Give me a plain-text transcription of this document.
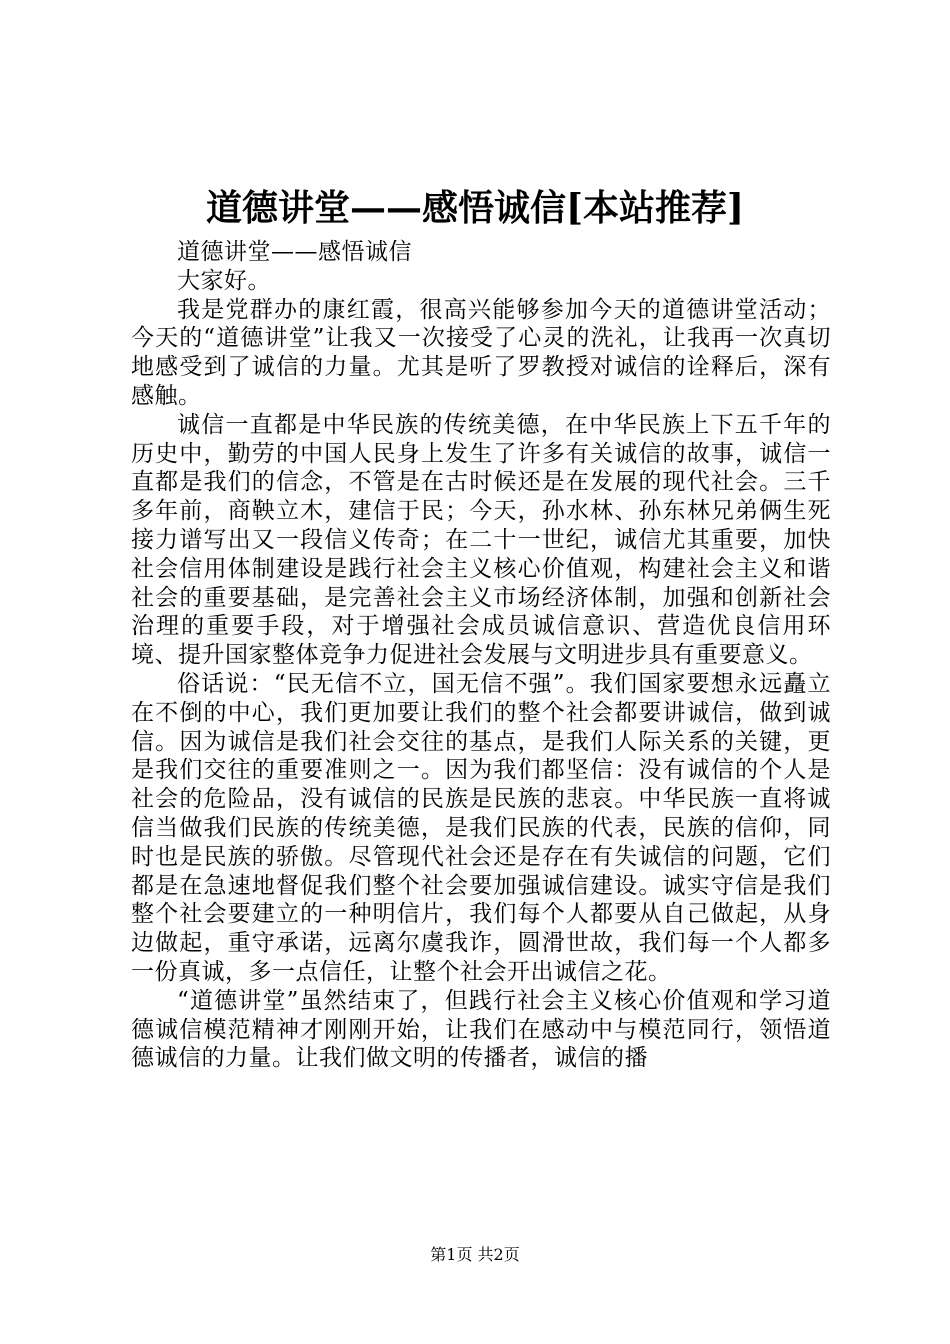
道德讲堂——感悟诚信[本站推荐]

道德讲堂——感悟诚信

大家好。

我是党群办的康红霞，很高兴能够参加今天的道德讲堂活动；今天的“道德讲堂”让我又一次接受了心灵的洗礼，让我再一次真切地感受到了诚信的力量。尤其是听了罗教授对诚信的诠释后，深有感触。

诚信一直都是中华民族的传统美德，在中华民族上下五千年的历史中，勤劳的中国人民身上发生了许多有关诚信的故事，诚信一直都是我们的信念，不管是在古时候还是在发展的现代社会。三千多年前，商鞅立木，建信于民；今天，孙水林、孙东林兄弟俩生死接力谱写出又一段信义传奇；在二十一世纪，诚信尤其重要，加快社会信用体制建设是践行社会主义核心价值观，构建社会主义和谐社会的重要基础，是完善社会主义市场经济体制，加强和创新社会治理的重要手段，对于增强社会成员诚信意识、营造优良信用环境、提升国家整体竞争力促进社会发展与文明进步具有重要意义。

俗话说：“民无信不立，国无信不强”。我们国家要想永远矗立在不倒的中心，我们更加要让我们的整个社会都要讲诚信，做到诚信。因为诚信是我们社会交往的基点，是我们人际关系的关键，更是我们交往的重要准则之一。因为我们都坚信：没有诚信的个人是社会的危险品，没有诚信的民族是民族的悲哀。中华民族一直将诚信当做我们民族的传统美德，是我们民族的代表，民族的信仰，同时也是民族的骄傲。尽管现代社会还是存在有失诚信的问题，它们都是在急速地督促我们整个社会要加强诚信建设。诚实守信是我们整个社会要建立的一种明信片，我们每个人都要从自己做起，从身边做起，重守承诺，远离尔虞我诈，圆滑世故，我们每一个人都多一份真诚，多一点信任，让整个社会开出诚信之花。

“道德讲堂”虽然结束了，但践行社会主义核心价值观和学习道德诚信模范精神才刚刚开始，让我们在感动中与模范同行，领悟道德诚信的力量。让我们做文明的传播者，诚信的播

第1页 共2页
